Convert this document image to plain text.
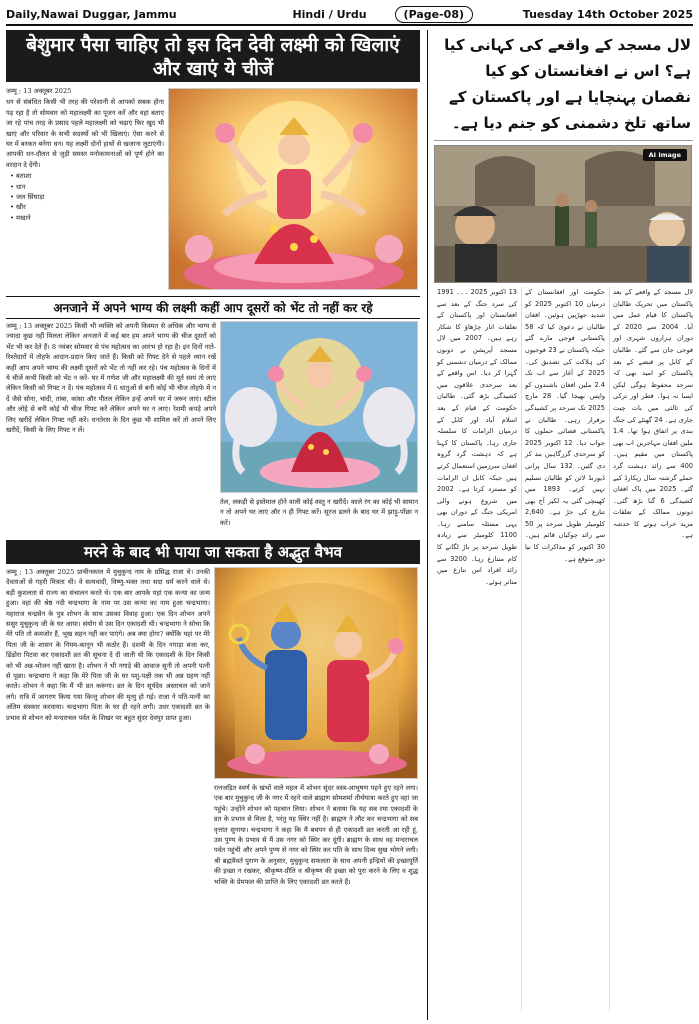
Daily,Nawai Duggar, Jammu	Hindi / Urdu	(Page-08)	Tuesday 14th October 2025
बेशुमार पैसा चाहिए तो इस दिन देवी लक्ष्मी को खिलाएं और खाएं ये चीजें

जम्मू ; 13 अक्तूबर 2025

धन से संबंधित किसी भी तरह की परेशानी से आपको सबक होना पड़ रहा है तो सोमवार को महालक्ष्मी का पूजन करें और वहां बताए जा रहे पांच तरह के प्रसाद पहले महालक्ष्मी को चढ़ाएं फिर खुद भी खाएं और परिवार के सभी सदस्यों को भी खिलाएं। ऐसा करने से घर में बरकत बनेगा धन। यह लक्ष्मी दोनों हाथों से खजाना लुटाएंगी। आपकी धन-दौलत से जुड़ी समस्त मनोकामनाओं को पूर्ण होने का वरदान दे देंगी।

• बताशा
• धान
• जल सिंघाड़ा
• खीर
• मखाने
अनजाने में अपने भाग्य की लक्ष्मी कहीं आप दूसरों को भेंट तो नहीं कर रहे
जम्मू ; 13 अक्तूबर 2025 किसी भी व्यक्ति को अपनी किस्मत से अधिक और भाग्य से ज्यादा कुछ नहीं मिलता लेकिन अनजाने में कई बार हम अपने भाग्य की चीज दूसरों को भेंट भी कर देते हैं। 8 नवंबर सोमवार से पंच महोत्सव का आरंभ हो रहा है। इन दिनों नाते-रिश्तेदारों में तोहफे आदान-प्रदान किए जाते हैं। किसी को गिफ्ट देने से पहले ध्यान रखें कहीं आप अपने भाग्य की लक्ष्मी दूसरों को भेंट तो नहीं कर रहे। पंच महोत्सव के दिनों में ये चीजें कभी किसी को भेंट न करें- घर में गणेश जी और महालक्ष्मी की मूर्त स्वयं तो लाएं लेकिन किसी को गिफ्ट न दें। पंच महोत्सव में 6 धातुओं से बनी कोई भी चीज तोहफे में न दें जैसे सोना, चांदी, तांबा, कांसा और पीतल लेकिन इन्हें अपने घर में जरूर लाएं। स्टील और लोहे से बनी कोई भी चीज गिफ्ट करें लेकिन अपने घर न लाएं। रेशमी कपड़े अपने लिए खरीदें लेकिन गिफ्ट नहीं करें। धनतेरस के दिन कुछ भी शामिल करें तो अपने लिए खरीदें, किसी के लिए गिफ्ट न लें।
तेल, लकड़ी से इस्तेमाल होने वाली कोई वस्तु न खरीदें। काले रंग का कोई भी सामान न तो अपने घर लाएं और न ही गिफ्ट करें। सूरज ढलने के बाद घर में झाड़ू-पोंछा न करें।
मरने के बाद भी पाया जा सकता है अद्भुत वैभव
जम्मू ; 13 अक्तूबर 2025 प्राचीनकाल में मुचुकुन्द नाम के प्रसिद्ध राजा थे। उनकी देवताओं से गहरी मित्रता थी। वे सत्यवादी, विष्णु-भक्त तथा सदा धर्म करने वाले थे। बड़ी कुशलता से राज्य का संचालन करते थे। एक बार आपके यहां एक कन्या का जन्म हुआ। वहां की श्रेष्ठ नदी चन्द्रभागा के नाम पर उस कन्या का नाम हुआ चन्द्रभागा। महाराज चन्द्रसेन के पुत्र शोभन के साथ उसका विवाह हुआ। एक दिन शोभन अपने ससुर मुचुकुन्द जी के घर आया। संयोग से उस दिन एकादशी थी। चन्द्रभागा ने सोचा कि मेरे पति तो कमजोर हैं, भूख सहन नहीं कर पाएंगे। अब क्या होगा? क्योंकि यहां पर मेरे पिता जी के शासन के नियम-कानून भी कठोर हैं। दशमी के दिन नगाड़ा बजा कर, ढिंढोरा पिटवा कर एकादशी व्रत की सूचना दे दी जाती थी कि एकादशी के दिन किसी को भी अन्न-भोजन नहीं खाना है। शोभन ने भी नगाड़े की आवाज सुनी तो अपनी पत्नी से पूछा। चन्द्रभागा ने कहा कि मेरे पिता जी के घर पशु-पक्षी तक भी अन्न ग्रहण नहीं करते। शोभन ने कहा कि मैं भी व्रत करूंगा। व्रत के दिन सूर्यदेव अस्ताचल को जाने लगे। रात्रि में जागरण किया गया किन्तु शोभन की मृत्यु हो गई। राजा ने पति-पत्नी का अंतिम संस्कार करवाया। चन्द्रभागा पिता के घर ही रहने लगी। उधर एकादशी व्रत के प्रभाव से शोभन को मन्दराचल पर्वत के शिखर पर बहुत सुंदर देवपुर प्राप्त हुआ।
रत्नजड़ित स्वर्ण के खंभों वाले महल में शोभन सुंदर वस्त्र-आभूषण पहने हुए रहने लगा। एक बार मुचुकुन्द जी के नगर में रहने वाले ब्राह्मण सोमशर्मा तीर्थयात्रा करते हुए वहां जा पहुंचे। उन्होंने शोभन को पहचान लिया। शोभन ने बताया कि यह सब रमा एकादशी के व्रत के प्रभाव से मिला है, परंतु यह स्थिर नहीं है। ब्राह्मण ने लौट कर चन्द्रभागा को सब वृत्तांत सुनाया। चन्द्रभागा ने कहा कि मैं बचपन से ही एकादशी व्रत करती आ रही हूं, उस पुण्य के प्रभाव से मैं उस नगर को स्थिर कर दूंगी। ब्राह्मण के साथ वह मन्दराचल पर्वत पहुंची और अपने पुण्य से नगर को स्थिर कर पति के साथ दिव्य सुख भोगने लगी। श्री ब्रह्मवैवर्त पुराण के अनुसार, मुचुकुन्द सफलता के साथ अपनी इन्द्रियों की इच्छापूर्ति की इच्छा न रखकर, श्रीकृष्ण-प्रीति व श्रीकृष्ण की इच्छा को पूरा करने के लिए व शुद्ध भक्ति के प्रेमफल की प्राप्ति के लिए एकादशी व्रत करते हैं।
لال مسجد کے واقعے کی کہانی کیا ہے؟ اس نے افغانستان کو کیا نقصان پہنچایا ہے اور پاکستان کے ساتھ تلخ دشمنی کو جنم دیا ہے۔
AI Image
لال مسجد کے واقعے کے بعد پاکستان میں تحریک طالبان پاکستان کا قیام عمل میں آیا۔ 2004 سے 2020 کے دوران ہزاروں شہری اور فوجی جان سے گئے۔ طالبان کے کابل پر قبضے کے بعد پاکستان کو امید تھی کہ سرحد محفوظ ہوگی لیکن ایسا نہ ہوا۔ قطر اور ترکی کی ثالثی میں بات چیت جاری ہے۔ 24 گھنٹے کی جنگ بندی پر اتفاق ہوا تھا۔ 1.4 ملین افغان مہاجرین اب بھی پاکستان میں مقیم ہیں۔ 400 سے زائد دہشت گرد حملے گزشتہ سال ریکارڈ کیے گئے۔ 2025 میں پاک افغان کشیدگی 6 گنا بڑھ گئی۔ دونوں ممالک کے تعلقات مزید خراب ہونے کا خدشہ ہے۔
حکومت اور افغانستان کے درمیان 10 اکتوبر 2025 کو شدید جھڑپیں ہوئیں۔ افغان طالبان نے دعویٰ کیا کہ 58 پاکستانی فوجی مارے گئے جبکہ پاکستان نے 23 فوجیوں کی ہلاکت کی تصدیق کی۔ 2025 کے آغاز سے اب تک 2.4 ملین افغان باشندوں کو واپس بھیجا گیا۔ 28 مارچ 2025 تک سرحد پر کشیدگی برقرار رہی۔ طالبان نے پاکستانی فضائی حملوں کا جواب دیا۔ 12 اکتوبر 2025 کو سرحدی گزرگاہیں بند کر دی گئیں۔ 132 سال پرانی ڈیورنڈ لائن کو طالبان تسلیم نہیں کرتے۔ 1893 میں کھینچی گئی یہ لکیر آج بھی تنازع کی جڑ ہے۔ 2,640 کلومیٹر طویل سرحد پر 50 سے زائد چوکیاں قائم ہیں۔ 30 اکتوبر کو مذاکرات کا نیا دور متوقع ہے۔
13 اکتوبر 2025 ۔۔۔ 1991 کی سرد جنگ کے بعد سے افغانستان اور پاکستان کے تعلقات اتار چڑھاؤ کا شکار رہے ہیں۔ 2007 میں لال مسجد آپریشن نے دونوں ممالک کے درمیان دشمنی کو گہرا کر دیا۔ اس واقعے کے بعد سرحدی علاقوں میں کشیدگی بڑھ گئی۔ طالبان حکومت کے قیام کے بعد اسلام آباد اور کابل کے درمیان الزامات کا سلسلہ جاری رہا۔ پاکستان کا کہنا ہے کہ دہشت گرد گروہ افغان سرزمین استعمال کرتے ہیں جبکہ کابل ان الزامات کو مسترد کرتا ہے۔ 2002 میں شروع ہونے والی امریکی جنگ کے دوران بھی یہی مسئلہ سامنے رہا۔ 1100 کلومیٹر سے زیادہ طویل سرحد پر باڑ لگانے کا کام متنازع رہا۔ 3200 سے زائد افراد اس تنازع میں متاثر ہوئے۔
